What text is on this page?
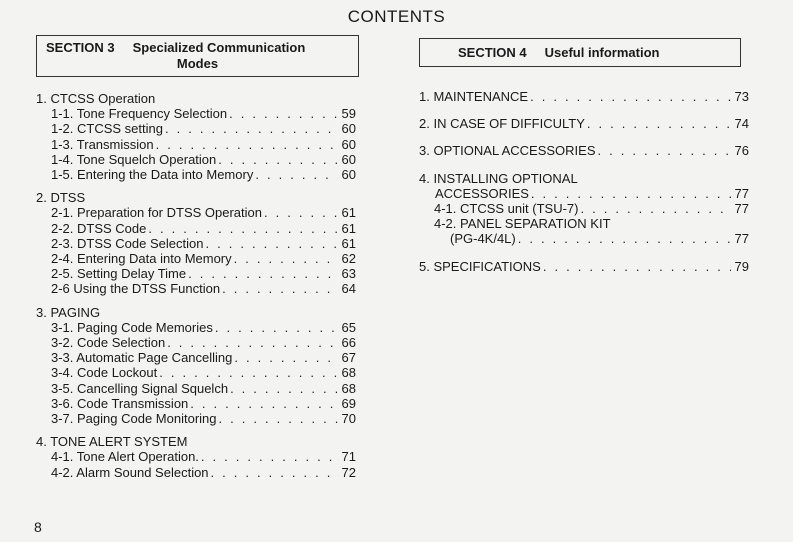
CONTENTS
SECTION 3 Specialized Communication
Modes
SECTION 4 Useful information
1. CTCSS Operation
1-1. Tone Frequency Selection . . .	59
1-2. CTCSS setting . . .	60
1-3. Transmission . . .	60
1-4. Tone Squelch Operation . . .	60
1-5. Entering the Data into Memory . . .	60
2. DTSS
2-1. Preparation for DTSS Operation . . .	61
2-2. DTSS Code . . .	61
2-3. DTSS Code Selection . . .	61
2-4. Entering Data into Memory . . .	62
2-5. Setting Delay Time . . .	63
2-6 Using the DTSS Function . . .	64
3. PAGING
3-1. Paging Code Memories . . .	65
3-2. Code Selection . . .	66
3-3. Automatic Page Cancelling . . .	67
3-4. Code Lockout . . .	68
3-5. Cancelling Signal Squelch . . .	68
3-6. Code Transmission . . .	69
3-7. Paging Code Monitoring . . .	70
4. TONE ALERT SYSTEM
4-1. Tone Alert Operation. . . .	71
4-2. Alarm Sound Selection . . .	72
1. MAINTENANCE . . .	73
2. IN CASE OF DIFFICULTY . . .	74
3. OPTIONAL ACCESSORIES . . .	76
4. INSTALLING OPTIONAL
ACCESSORIES . . .	77
4-1. CTCSS unit (TSU-7) . . .	77
4-2. PANEL SEPARATION KIT
(PG-4K/4L) . . .	77
5. SPECIFICATIONS . . .	79
8
